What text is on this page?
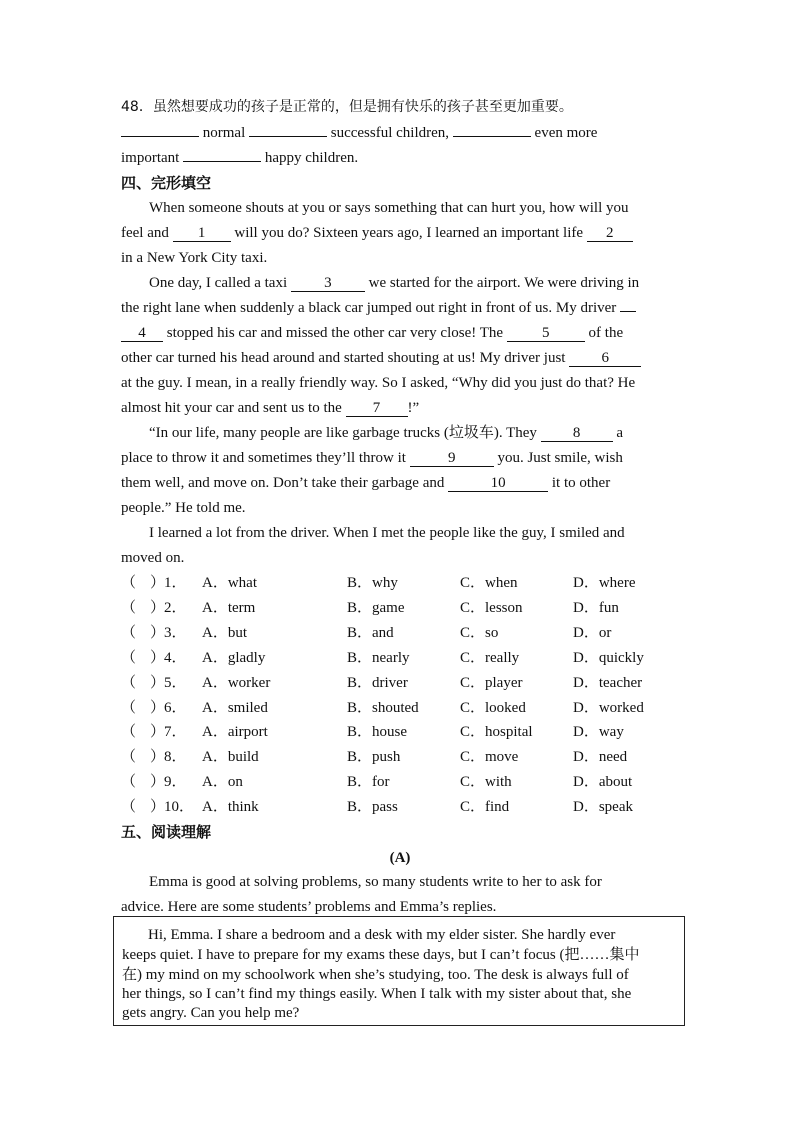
48．虽然想要成功的孩子是正常的，但是拥有快乐的孩子甚至更加重要。
normal	successful children,	even more
important	happy children.
四、完形填空
When someone shouts at you or says something that can hurt you, how will you
feel and 1 will you do? Sixteen years ago, I learned an important life 2
in a New York City taxi.
One day, I called a taxi 3 we started for the airport. We were driving in
the right lane when suddenly a black car jumped out right in front of us. My driver
4 stopped his car and missed the other car very close! The	5	of the
other car turned his head around and started shouting at us! My driver just 6
at the guy. I mean, in a really friendly way. So I asked, “Why did you just do that? He
almost hit your car and sent us to the 7 !”
“In our life, many people are like garbage trucks (垃圾车). They 8 a
place to throw it and sometimes they’ll throw it	9	you. Just smile, wish
them well, and move on. Don’t take their garbage and	10	it to other
people.” He told me.
I learned a lot from the driver. When I met the people like the guy, I smiled and
moved on.
（ ）
1． A．what	B．why	C．when	D．where
（ ）
2． A．term	B．game	C．lesson	D．fun
（ ）
3． A．but	B．and	C．so	D．or
（ ）
4． A．gladly	B．nearly	C．really	D．quickly
（ ）
5． A．worker	B．driver	C．player	D．teacher
（ ）
6． A．smiled	B．shouted	C．looked	D．worked
（ ）
7． A．airport	B．house	C．hospital	D．way
（ ）
8． A．build	B．push	C．move	D．need
（ ）
9． A．on	B．for	C．with	D．about
（ ）
10． A．think	B．pass	C．find	D．speak
五、阅读理解
(A)
Emma is good at solving problems, so many students write to her to ask for
advice. Here are some students’ problems and Emma’s replies.
Hi, Emma. I share a bedroom and a desk with my elder sister. She hardly ever
keeps quiet. I have to prepare for my exams these days, but I can’t focus (把……集中
在) my mind on my schoolwork when she’s studying, too. The desk is always full of
her things, so I can’t find my things easily. When I talk with my sister about that, she
gets angry. Can you help me?
